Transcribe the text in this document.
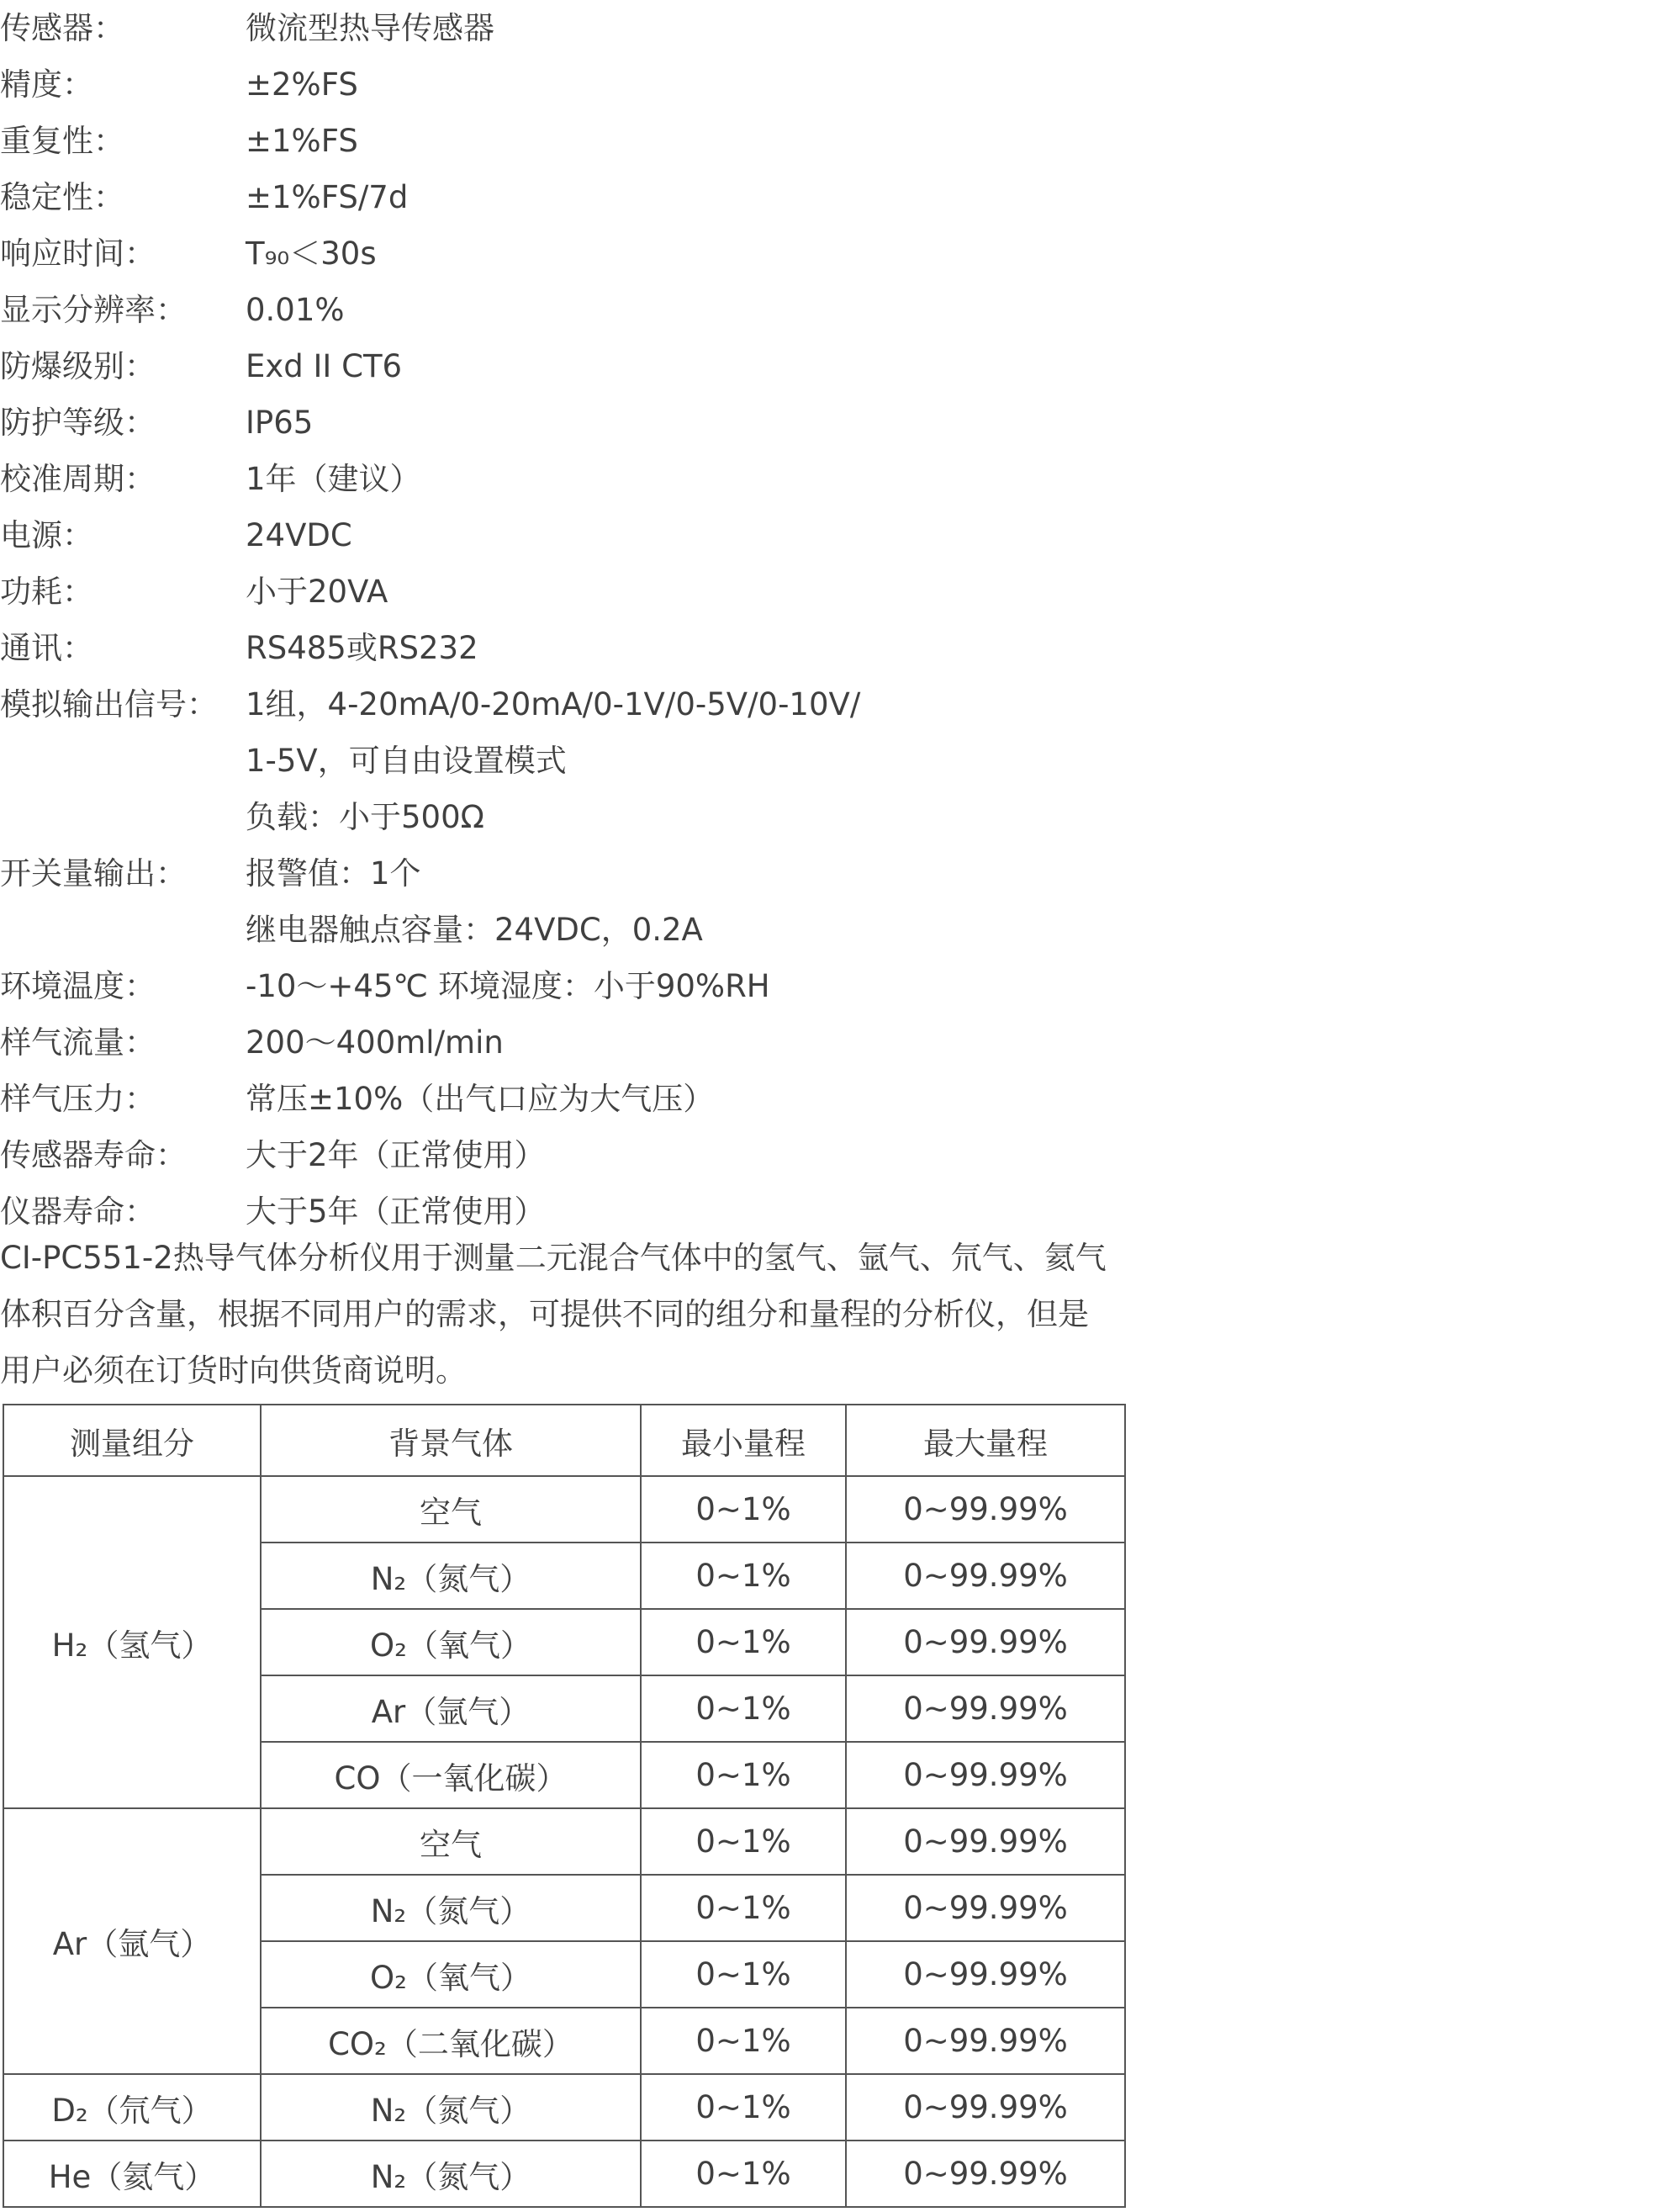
传感器：	微流型热导传感器
精度：	±2%FS
重复性：	±1%FS
稳定性：	±1%FS/7d
响应时间：	T₉₀＜30s
显示分辨率：	0.01%
防爆级别：	Exd II CT6
防护等级：	IP65
校准周期：	1年（建议）
电源：	24VDC
功耗：	小于20VA
通讯：	RS485或RS232
模拟输出信号： 1组，4-20mA/0-20mA/0-1V/0-5V/0-10V/
1-5V，可自由设置模式
负载：小于500Ω
开关量输出：	报警值：1个
继电器触点容量：24VDC，0.2A
环境温度：	-10～+45℃ 环境湿度：小于90%RH
样气流量：	200～400ml/min
样气压力：	常压±10%（出气口应为大气压）
传感器寿命：	大于2年（正常使用）
仪器寿命：	大于5年（正常使用）

CI-PC551-2热导气体分析仪用于测量二元混合气体中的氢气、氩气、氘气、氦气

体积百分含量，根据不同用户的需求，可提供不同的组分和量程的分析仪，但是

用户必须在订货时向供货商说明。

测量组分	背景气体	最小量程	最大量程
H₂（氢气）	空气	0~1%	0~99.99%
	N₂（氮气）	0~1%	0~99.99%
	O₂（氧气）	0~1%	0~99.99%
	Ar（氩气）	0~1%	0~99.99%
	CO（一氧化碳）	0~1%	0~99.99%
Ar（氩气）	空气	0~1%	0~99.99%
	N₂（氮气）	0~1%	0~99.99%
	O₂（氧气）	0~1%	0~99.99%
	CO₂（二氧化碳）	0~1%	0~99.99%
D₂（氘气）	N₂（氮气）	0~1%	0~99.99%
He（氦气）	N₂（氮气）	0~1%	0~99.99%
